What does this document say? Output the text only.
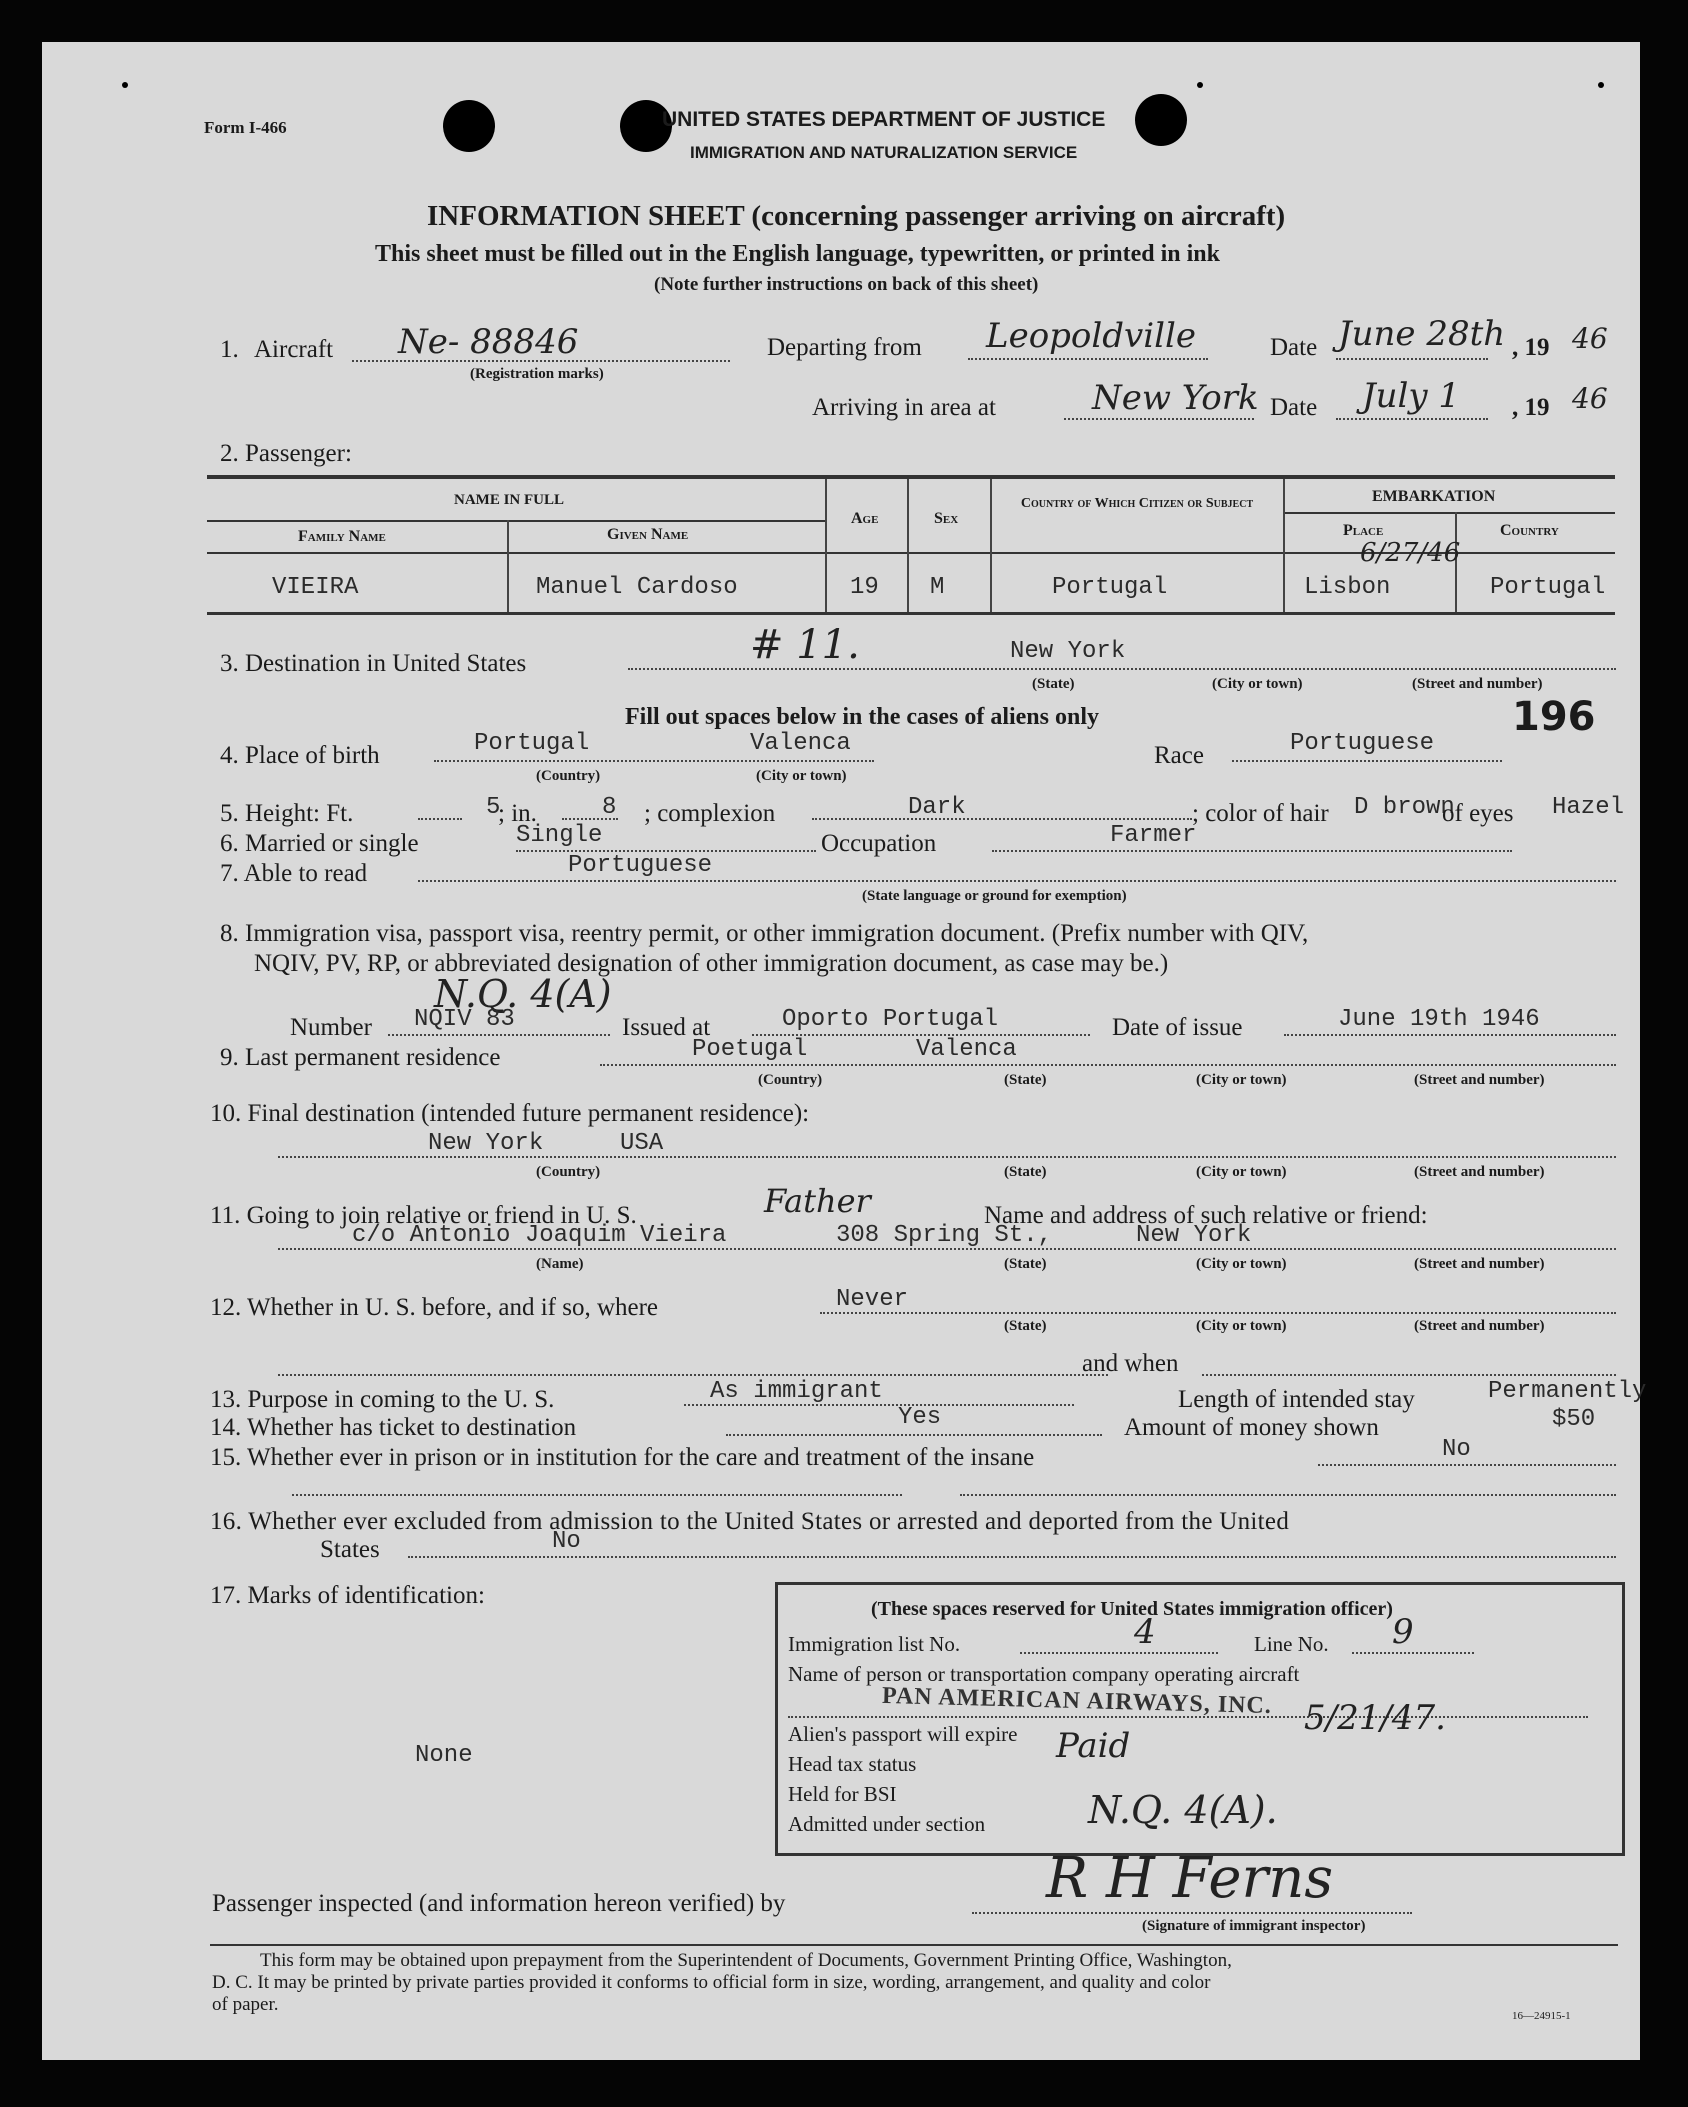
Form I-466	UNITED STATES DEPARTMENT OF JUSTICE
IMMIGRATION AND NATURALIZATION SERVICE
INFORMATION SHEET (concerning passenger arriving on aircraft)
This sheet must be filled out in the English language, typewritten, or printed in ink
(Note further instructions on back of this sheet)
1. Aircraft Ne- 88846
(Registration marks)
Departing from Leopoldville	Date June 28th , 19 46
Arriving in area at	New York Date July 1 , 19 46
2. Passenger:
NAME IN FULL
Family Name	Given Name
Age	Sex
Country of Which Citizen or Subject	EMBARKATION
Place	Country
6/27/46
VIEIRA	Manuel Cardoso	19 M	Portugal	Lisbon	Portugal
3. Destination in United States	# 11.	New York
(State)	(City or town)	(Street and number)
Fill out spaces below in the cases of aliens only	196
4. Place of birth	Portugal	Valenca
(Country)	(City or town)
Race	Portuguese
5. Height: Ft.	5
; in.	8 ; complexion	Dark	; color of hair D brown
of eyes Hazel
6. Married or single	Single	Occupation	Farmer
7. Able to read	Portuguese
(State language or ground for exemption)
8. Immigration visa, passport visa, reentry permit, or other immigration document. (Prefix number with QIV,
NQIV, PV, RP, or abbreviated designation of other immigration document, as case may be.)
N.Q. 4(A)
Number NQIV 83	Issued at	Oporto Portugal	Date of issue	June 19th 1946
9. Last permanent residence	Poetugal	Valenca
(Country)	(State)	(City or town)	(Street and number)
10. Final destination (intended future permanent residence):
New York	USA
(Country)	(State)	(City or town)	(Street and number)
11. Going to join relative or friend in U. S.	Father	Name and address of such relative or friend:
c/o Antonio Joaquim Vieira	308 Spring St.,	New York
(Name)	(State)	(City or town)	(Street and number)
12. Whether in U. S. before, and if so, where	Never
(State)	(City or town)	(Street and number)
and when
13. Purpose in coming to the U. S.	As immigrant	Length of intended stay	Permanently
14. Whether has ticket to destination	Yes	Amount of money shown	$50
15. Whether ever in prison or in institution for the care and treatment of the insane	No
16. Whether ever excluded from admission to the United States or arrested and deported from the United
States	No
17. Marks of identification:
None
(These spaces reserved for United States immigration officer)
Immigration list No.	4	Line No. 9
Name of person or transportation company operating aircraft
PAN AMERICAN AIRWAYS, INC.
Alien's passport will expire	5/21/47.
Head tax status	Paid
Held for BSI
Admitted under section	N.Q. 4(A).
Passenger inspected (and information hereon verified) by	R H Ferns
(Signature of immigrant inspector)
This form may be obtained upon prepayment from the Superintendent of Documents, Government Printing Office, Washington,
D. C. It may be printed by private parties provided it conforms to official form in size, wording, arrangement, and quality and color
of paper.
16—24915-1
